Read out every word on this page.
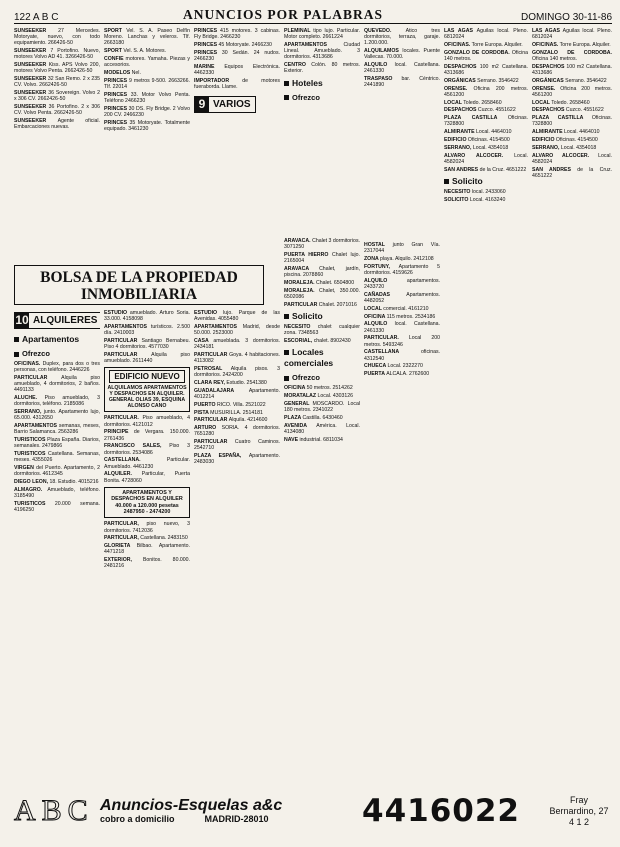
122 A B C	ANUNCIOS POR PALABRAS	DOMINGO 30-11-86

SUNSEEKER 27 Mercedes. Motoryate, nuevo, con todo equipamiento. 266426-50

SUNSEEKER 7 Portofino. Nuevo, motores Volvo AD 41. 3266426-50

SUNSEEKER Kiss. APS Volvo 200, motores Volvo Penta. 2662426-50

SUNSEEKER 32 San Remo. 2 x 235 CV. Volvo. 2662426-50

SUNSEEKER 36 Sovereign. Volvo 2 x 306 CV. 2662426-50

SUNSEEKER 36 Portofino. 2 x 306 CV. Volvo Penta. 2662426-50

SUNSEEKER Agente oficial. Embarcaciones nuevas.

SPORT Vel. S. A. Paseo Delfín Moreno. Lanchas y veleros. Tlf. 2663180

SPORT Vel. S. A. Motores.

CONFIE motores. Yamaha. Piezas y accesorios.

MODELOS Nel.

PRINCES 9 metros 9-500. 2663266. Tlf. 22014

PRINCES 33. Motor Volvo Penta. Teléfono 2466230

PRINCES 30 DS. Fly Bridge. 2 Volvo 200 CV. 2466230

PRINCES 35 Motoryate. Totalmente equipado. 3461230

PRINCES 415 motores. 3 cabinas. Fly Bridge. 2466230

PRINCES 45 Motoryate. 2466230

PRINCES 30 Sedán. 24 nudos. 2466230

MARINE Equipos Electrónica. 4462330

IMPORTADOR de motores fueraborda. Llame.

9 VARIOS

PLEMINAL tipo lujo. Particular. Motor completo. 2661224

APARTAMENTOS Ciudad Lineal. Amueblado. 3 dormitorios. 4313686

CENTRO Colón. 80 metros. Exterior.

Hoteles
Ofrezco

QUEVEDO. Ático tres dormitorios, terraza, garaje. 1.200.000.

ALQUILAMOS locales. Puente Vallecas. 70.000.

ALQUILO local. Castellana. 2461330

TRASPASO bar. Céntrico. 2441890

LAS AGAS Aguilas local. Pleno. 6812024

OFICINAS. Torre Europa. Alquiler.

GONZALO DE CORDOBA. Oficina 140 metros.

DESPACHOS 100 m2 Castellana. 4313686

ORGÁNICAS Serrano. 3546422

ORENSE. Oficina 200 metros. 4561200

LOCAL Toledo. 2658460

DESPACHOS Cuzco. 4551622

PLAZA CASTILLA Oficinas. 7328800

ALMIRANTE Local. 4464010

EDIFICIO Oficinas. 4154500

SERRANO, Local. 4354018

ALVARO ALCOCER. Local. 4582024

SAN ANDRES de la Cruz. 4651222

Solicito

NECESITO local. 2433060

SOLICITO Local. 4163240

LAS AGAS Aguilas local. Pleno. 6812024

OFICINAS. Torre Europa. Alquiler.

GONZALO DE CORDOBA. Oficina 140 metros.

DESPACHOS 100 m2 Castellana. 4313686

ORGÁNICAS Serrano. 3546422

ORENSE. Oficina 200 metros. 4561200

LOCAL Toledo. 2658460

DESPACHOS Cuzco. 4551622

PLAZA CASTILLA Oficinas. 7328800

ALMIRANTE Local. 4464010

EDIFICIO Oficinas. 4154500

SERRANO, Local. 4354018

ALVARO ALCOCER. Local. 4582024

SAN ANDRES de la Cruz. 4651222

BOLSA DE LA PROPIEDAD
INMOBILIARIA
10 ALQUILERES
Apartamentos
Ofrezco

OFICINAS. Duplex, para dos o tres personas, con teléfono. 2446226

PARTICULAR Alquila piso amueblado, 4 dormitorios, 2 baños. 4491133

ALUCHE. Piso amueblado, 3 dormitorios, teléfono. 2185086

SERRANO, junto. Apartamento lujo, 65.000. 4312650

APARTAMENTOS semanas, meses, Barrio Salamanca. 2563286

TURISTICOS Plaza España. Diarios, semanales. 2479866

TURISTICOS Castellana. Semanas, meses. 4355026

VIRGEN del Puerto. Apartamento, 2 dormitorios. 4612345

DIEGO LEON, 18. Estudio. 4015216

ALMAGRO. Amueblado, teléfono. 3185490

TURISTICOS 20.000 semana. 4196250

ESTUDIO amueblado. Arturo Soria. 33.000. 4158098

APARTAMENTOS turísticos. 2.500 día. 2410003

PARTICULAR Santiago Bernabeu. Piso 4 dormitorios. 4577030

PARTICULAR Alquila piso amueblado. 2611440

EDIFICIO NUEVO
ALQUILAMOS APARTAMENTOS Y DESPACHOS EN ALQUILER. GENERAL OLIAS 39, ESQUINA ALONSO CANO

PARTICULAR. Piso amueblado, 4 dormitorios. 4121012

PRINCIPE de Vergara. 150.000. 2761436

FRANCISCO SALES, Piso 3 dormitorios. 2534086

CASTELLANA. Particular. Amueblado. 4461230

ALQUILER. Particular, Puerta Bonita. 4728060

APARTAMENTOS Y DESPACHOS EN ALQUILER 40.000 a 120.000 pesetas 2487950 - 2474200

PARTICULAR, piso nuevo, 3 dormitorios. 7412036

PARTICULAR, Castellana. 2483150

GLORIETA Bilbao. Apartamento. 4471218

EXTERIOR, Bonitos. 80.000. 2481216

ESTUDIO lujo. Parque de las Avenidas. 4055480

APARTAMENTOS Madrid, desde 50.000. 2523000

CASA amueblada. 3 dormitorios. 2434181

PARTICULAR Goya. 4 habitaciones. 4113082

PETROSAL Alquila pisos. 3 dormitorios. 2424200

CLARA REY, Estudio. 2541380

GUADALAJARA Apartamento. 4012214

PUERTO RICO. Villa. 2521022

PISTA MUSURILLA. 2514181

PARTICULAR Alquila. 4214600

ARTURO SORIA. 4 dormitorios. 7651280

PARTICULAR Cuatro Caminos. 2542710

PLAZA ESPAÑA, Apartamento. 2483030

ARAVACA. Chalet 3 dormitorios. 3071250

PUERTA HIERRO Chalet lujo. 2165004

ARAVACA Chalet, jardín, piscina. 2078860

MORALEJA. Chalet. 6504800

MORALEJA. Chalet, 350.000. 6502086

PARTICULAR Chalet. 2071016

Solicito

NECESITO chalet cualquier zona. 7348563

ESCORIAL, chalet. 8902430

Locales comerciales
Ofrezco

OFICINA 50 metros. 2514262

MORATALAZ Local. 4303126

GENERAL MOSCARDO. Local 180 metros. 2341022

PLAZA Castilla. 6430460

AVENIDA América. Local. 4134080

NAVE industrial. 6811034

HOSTAL junto Gran Vía. 2317044

ZONA playa. Alquilo. 2412108

FORTUNY, Apartamento 5 dormitorios. 4159626

ALQUILO apartamentos. 2433720

CAÑADAS Apartamentos. 4482052

LOCAL comercial. 4161210

OFICINA 115 metros. 2534186

ALQUILO local. Castellana. 2461330

PARTICULAR. Local 200 metros. 5493246

CASTELLANA oficinas. 4312540

CHUECA Local. 2322270

PUERTA ALCALA. 2762600

ABC Anuncios-Esquelas a&c
cobro a domicilio	MADRID-28010	4416022	Fray Bernardino, 27
4 1 2
